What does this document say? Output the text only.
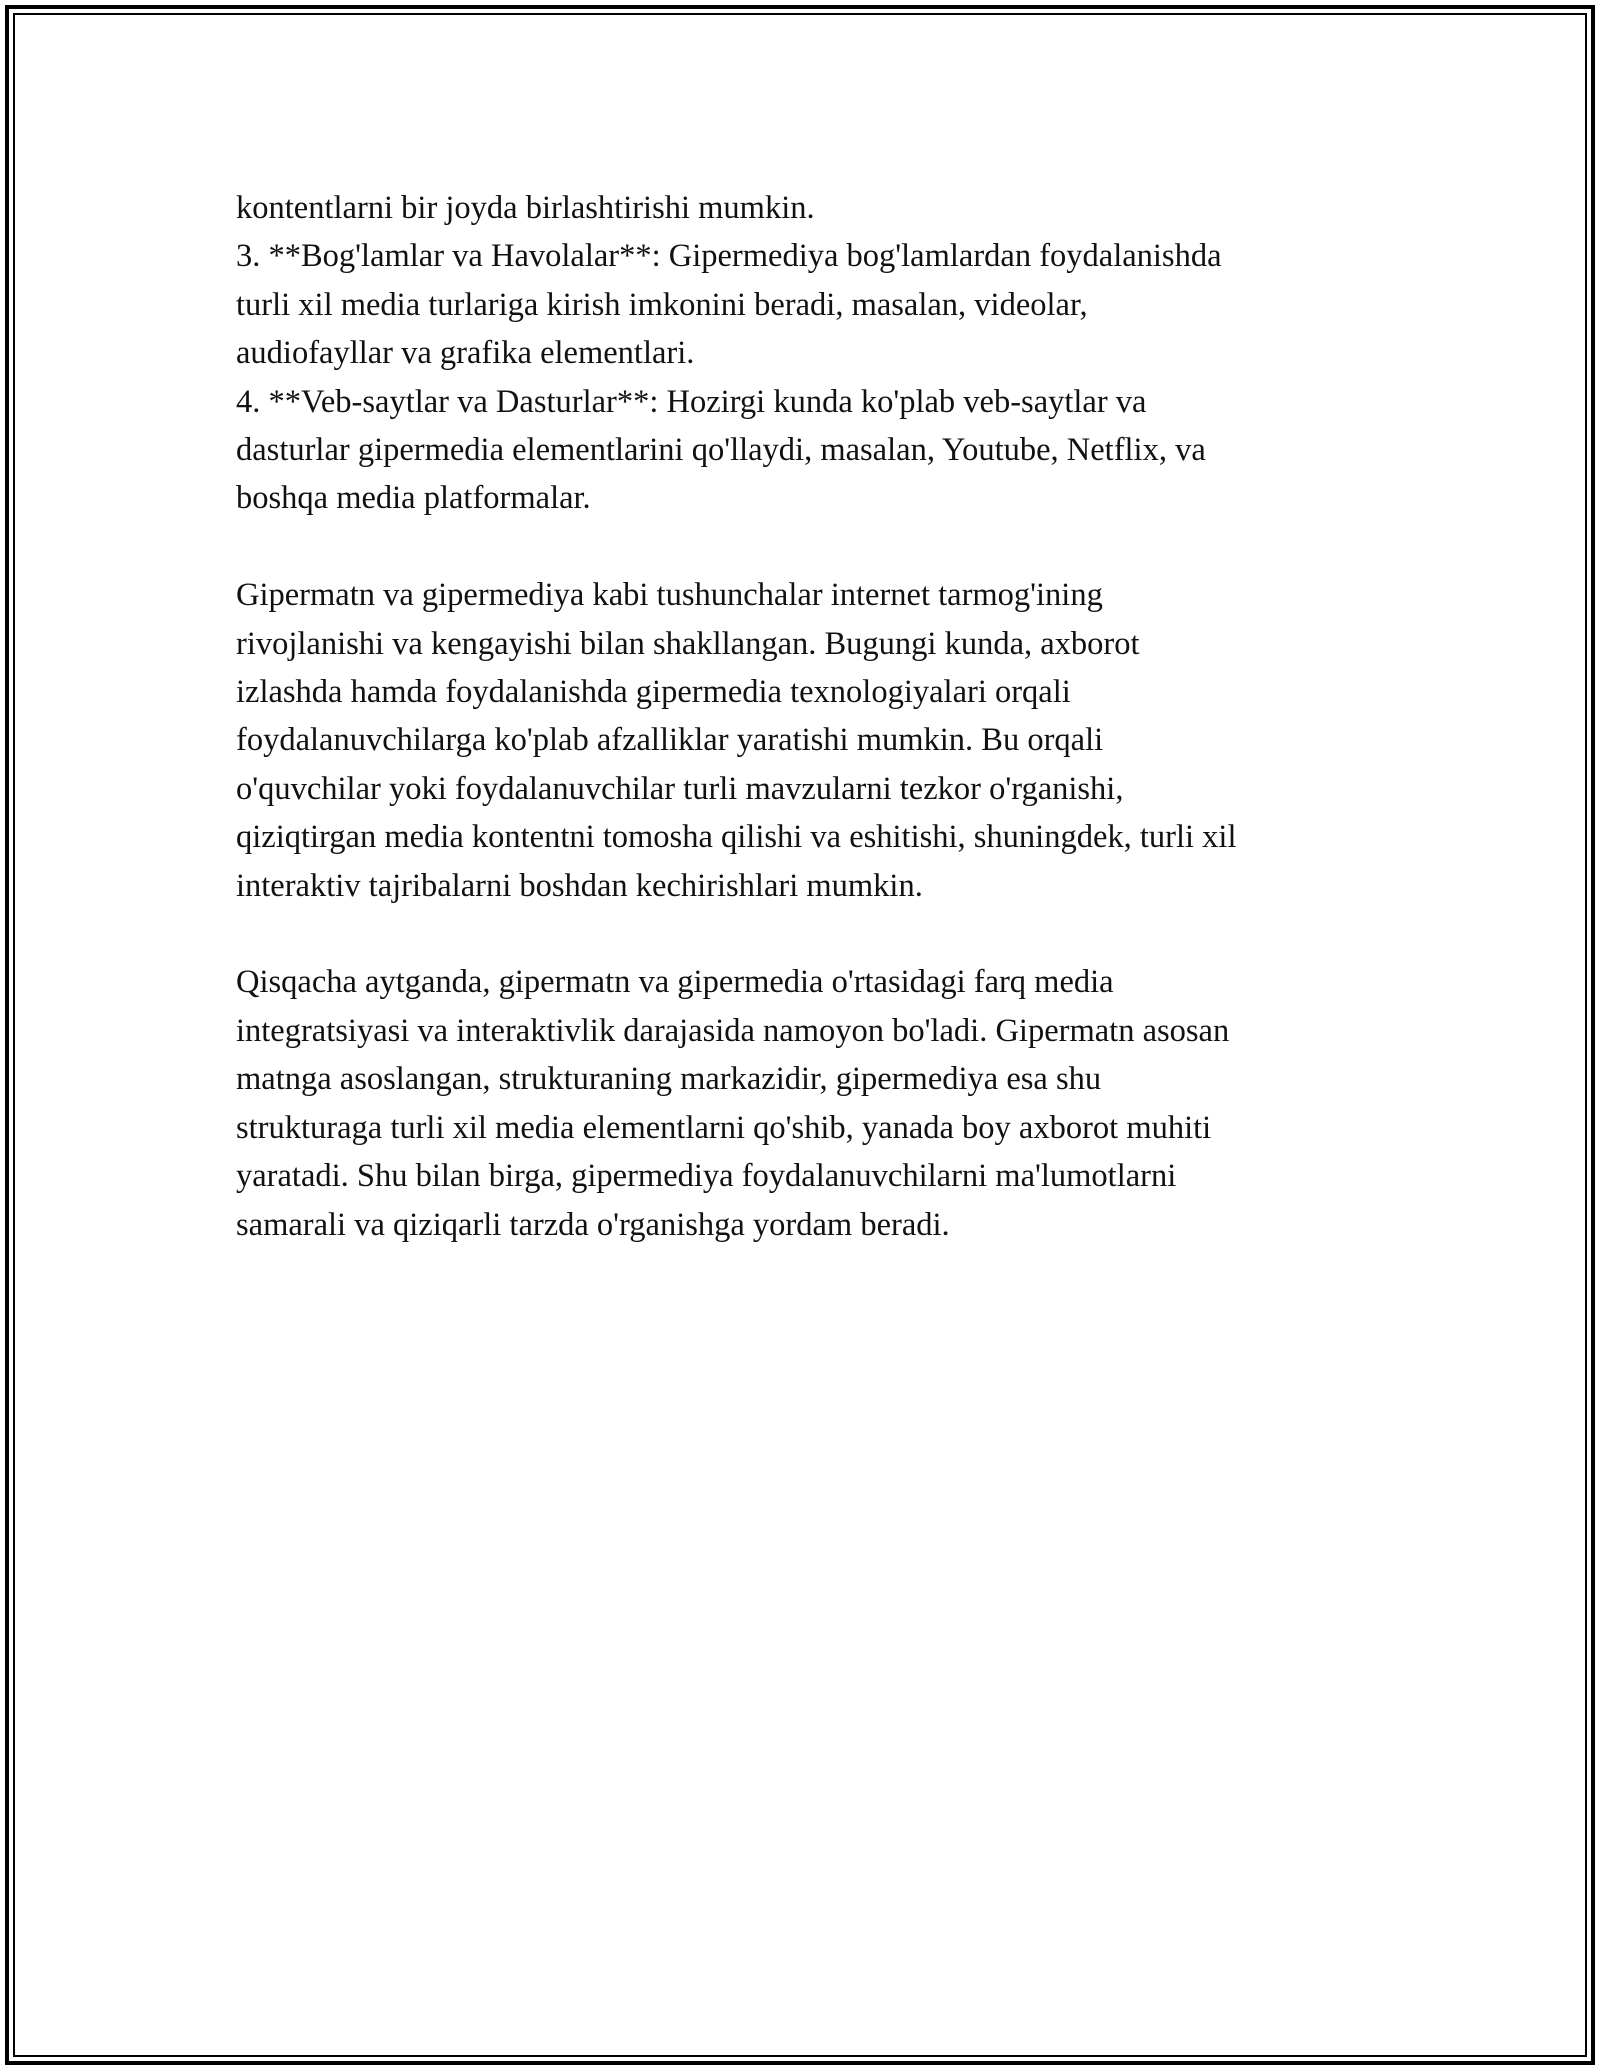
kontentlarni bir joyda birlashtirishi mumkin.
3. **Bog'lamlar va Havolalar**: Gipermediya bog'lamlardan foydalanishda
turli xil media turlariga kirish imkonini beradi, masalan, videolar,
audiofayllar va grafika elementlari.
4. **Veb-saytlar va Dasturlar**: Hozirgi kunda ko'plab veb-saytlar va
dasturlar gipermedia elementlarini qo'llaydi, masalan, Youtube, Netflix, va
boshqa media platformalar.
Gipermatn va gipermediya kabi tushunchalar internet tarmog'ining
rivojlanishi va kengayishi bilan shakllangan. Bugungi kunda, axborot
izlashda hamda foydalanishda gipermedia texnologiyalari orqali
foydalanuvchilarga ko'plab afzalliklar yaratishi mumkin. Bu orqali
o'quvchilar yoki foydalanuvchilar turli mavzularni tezkor o'rganishi,
qiziqtirgan media kontentni tomosha qilishi va eshitishi, shuningdek, turli xil
interaktiv tajribalarni boshdan kechirishlari mumkin.
Qisqacha aytganda, gipermatn va gipermedia o'rtasidagi farq media
integratsiyasi va interaktivlik darajasida namoyon bo'ladi. Gipermatn asosan
matnga asoslangan, strukturaning markazidir, gipermediya esa shu
strukturaga turli xil media elementlarni qo'shib, yanada boy axborot muhiti
yaratadi. Shu bilan birga, gipermediya foydalanuvchilarni ma'lumotlarni
samarali va qiziqarli tarzda o'rganishga yordam beradi.
